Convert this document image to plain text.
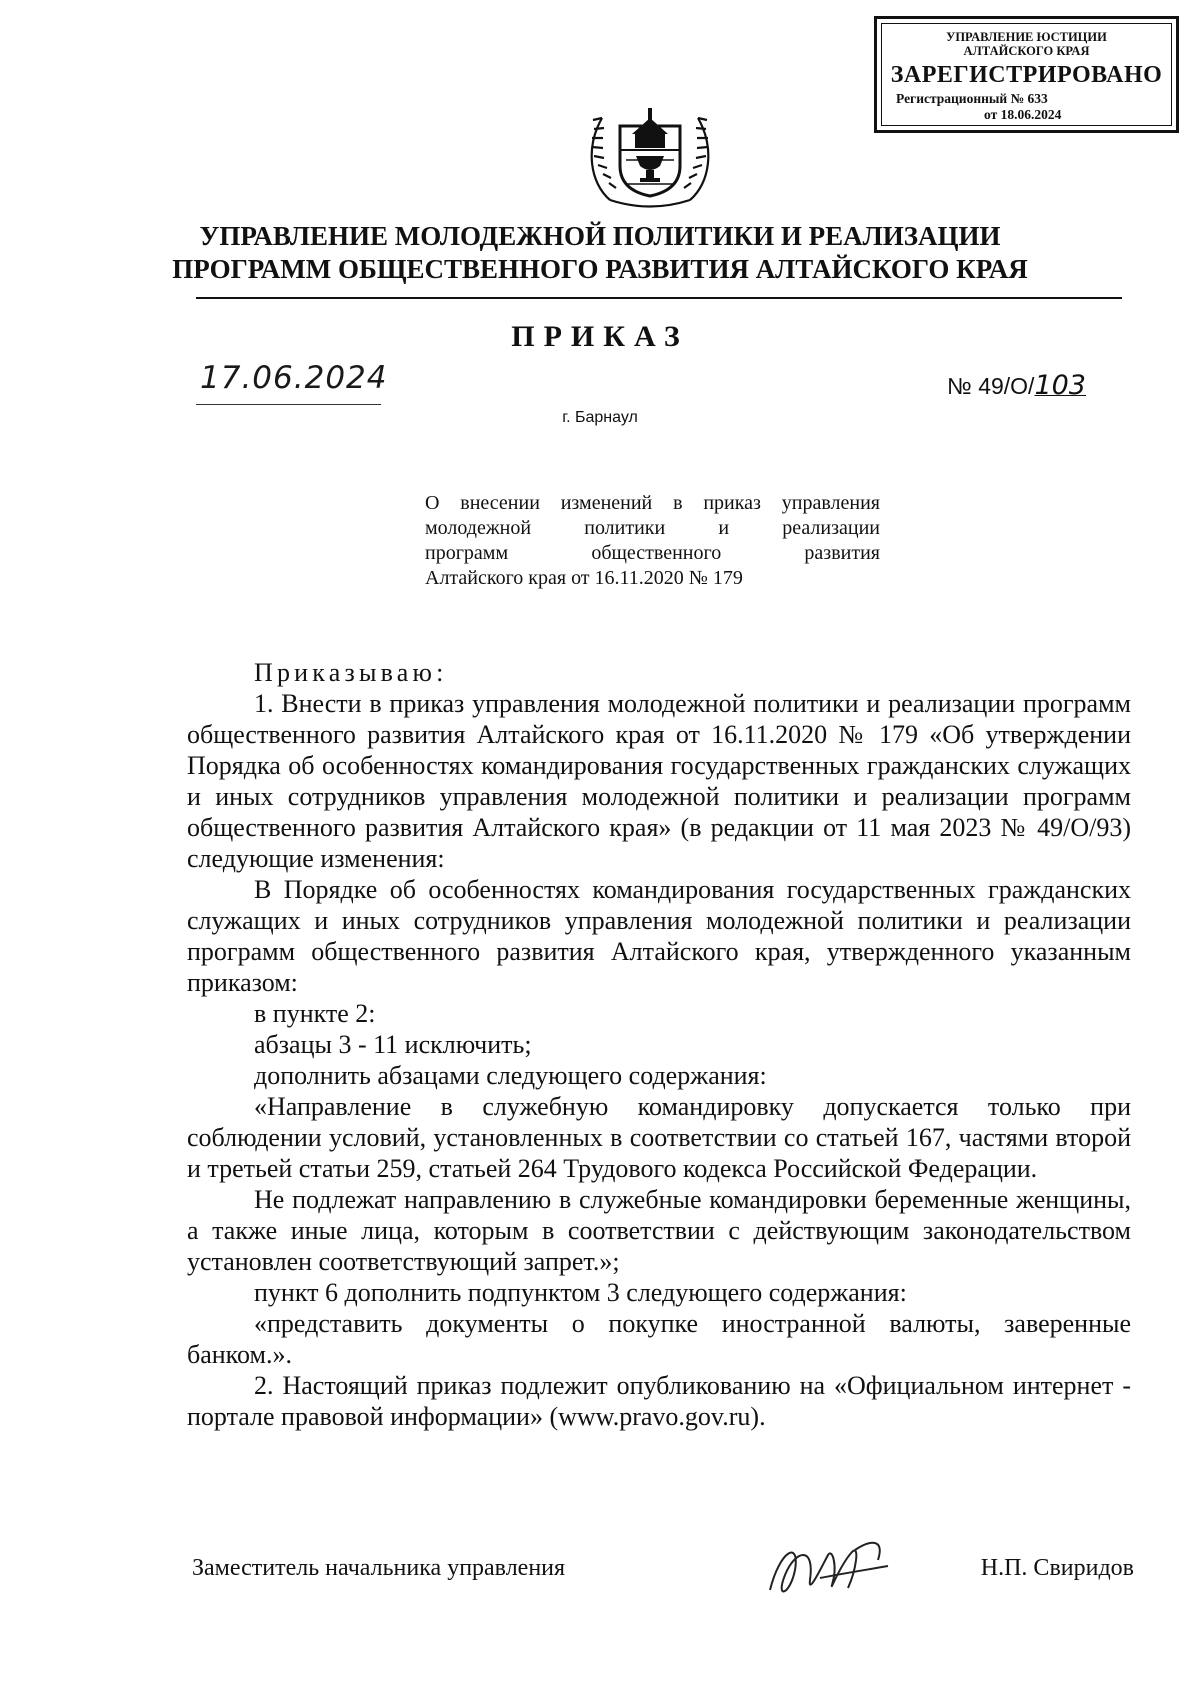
УПРАВЛЕНИЕ ЮСТИЦИИ
АЛТАЙСКОГО КРАЯ
ЗАРЕГИСТРИРОВАНО
Регистрационный № 633
от 18.06.2024
УПРАВЛЕНИЕ МОЛОДЕЖНОЙ ПОЛИТИКИ И РЕАЛИЗАЦИИ
ПРОГРАММ ОБЩЕСТВЕННОГО РАЗВИТИЯ АЛТАЙСКОГО КРАЯ
ПРИКАЗ
17.06.2024	№ 49/О/103
г. Барнаул
О внесении изменений в приказ управления
молодежной политики и реализации
программ общественного развития
Алтайского края от 16.11.2020 № 179

Приказываю:

1. Внести в приказ управления молодежной политики и реализации программ общественного развития Алтайского края от 16.11.2020 № 179 «Об утверждении Порядка об особенностях командирования государственных гражданских служащих и иных сотрудников управления молодежной политики и реализации программ общественного развития Алтайского края» (в редакции от 11 мая 2023 № 49/О/93) следующие изменения:

В Порядке об особенностях командирования государственных гражданских служащих и иных сотрудников управления молодежной политики и реализации программ общественного развития Алтайского края, утвержденного указанным приказом:

в пункте 2:

абзацы 3 - 11 исключить;

дополнить абзацами следующего содержания:

«Направление в служебную командировку допускается только при соблюдении условий, установленных в соответствии со статьей 167, частями второй и третьей статьи 259, статьей 264 Трудового кодекса Российской Федерации.

Не подлежат направлению в служебные командировки беременные женщины, а также иные лица, которым в соответствии с действующим законодательством установлен соответствующий запрет.»;

пункт 6 дополнить подпунктом 3 следующего содержания:

«представить документы о покупке иностранной валюты, заверенные банком.».

2. Настоящий приказ подлежит опубликованию на «Официальном интернет - портале правовой информации» (www.pravo.gov.ru).

Заместитель начальника управления	Н.П. Свиридов
